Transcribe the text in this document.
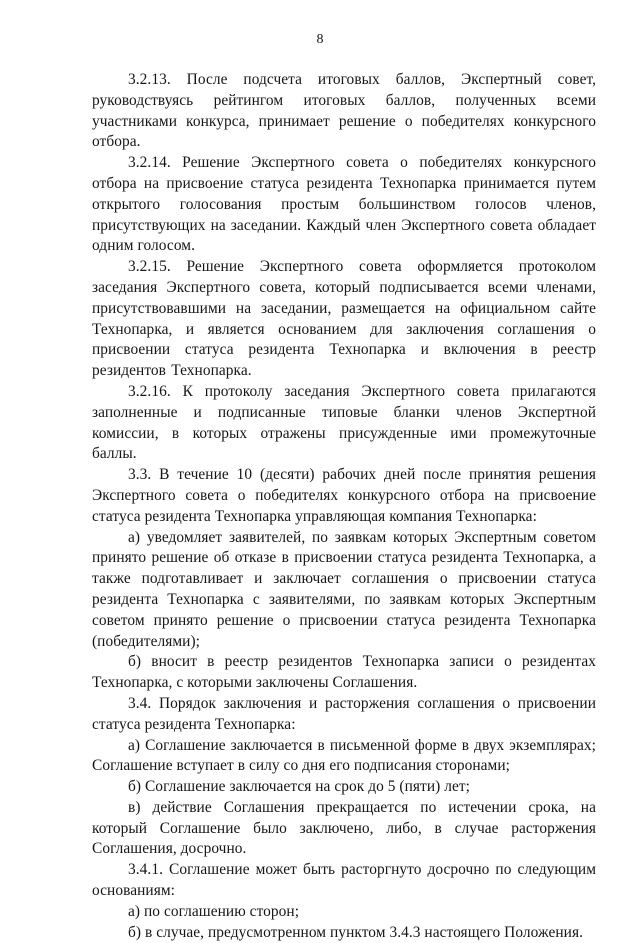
8

3.2.13. После подсчета итоговых баллов, Экспертный совет, руководствуясь рейтингом итоговых баллов, полученных всеми участниками конкурса, принимает решение о победителях конкурсного отбора.

3.2.14. Решение Экспертного совета о победителях конкурсного отбора на присвоение статуса резидента Технопарка принимается путем открытого голосования простым большинством голосов членов, присутствующих на заседании. Каждый член Экспертного совета обладает одним голосом.

3.2.15. Решение Экспертного совета оформляется протоколом заседания Экспертного совета, который подписывается всеми членами, присутствовавшими на заседании, размещается на официальном сайте Технопарка, и является основанием для заключения соглашения о присвоении статуса резидента Технопарка и включения в реестр резидентов Технопарка.

3.2.16. К протоколу заседания Экспертного совета прилагаются заполненные и подписанные типовые бланки членов Экспертной комиссии, в которых отражены присужденные ими промежуточные баллы.

3.3. В течение 10 (десяти) рабочих дней после принятия решения Экспертного совета о победителях конкурсного отбора на присвоение статуса резидента Технопарка управляющая компания Технопарка:

а) уведомляет заявителей, по заявкам которых Экспертным советом принято решение об отказе в присвоении статуса резидента Технопарка, а также подготавливает и заключает соглашения о присвоении статуса резидента Технопарка с заявителями, по заявкам которых Экспертным советом принято решение о присвоении статуса резидента Технопарка (победителями);

б) вносит в реестр резидентов Технопарка записи о резидентах Технопарка, с которыми заключены Соглашения.

3.4. Порядок заключения и расторжения соглашения о присвоении статуса резидента Технопарка:

а) Соглашение заключается в письменной форме в двух экземплярах; Соглашение вступает в силу со дня его подписания сторонами;

б) Соглашение заключается на срок до 5 (пяти) лет;

в) действие Соглашения прекращается по истечении срока, на который Соглашение было заключено, либо, в случае расторжения Соглашения, досрочно.

3.4.1. Соглашение может быть расторгнуто досрочно по следующим основаниям:

а) по соглашению сторон;

б) в случае, предусмотренном пунктом 3.4.3 настоящего Положения.
